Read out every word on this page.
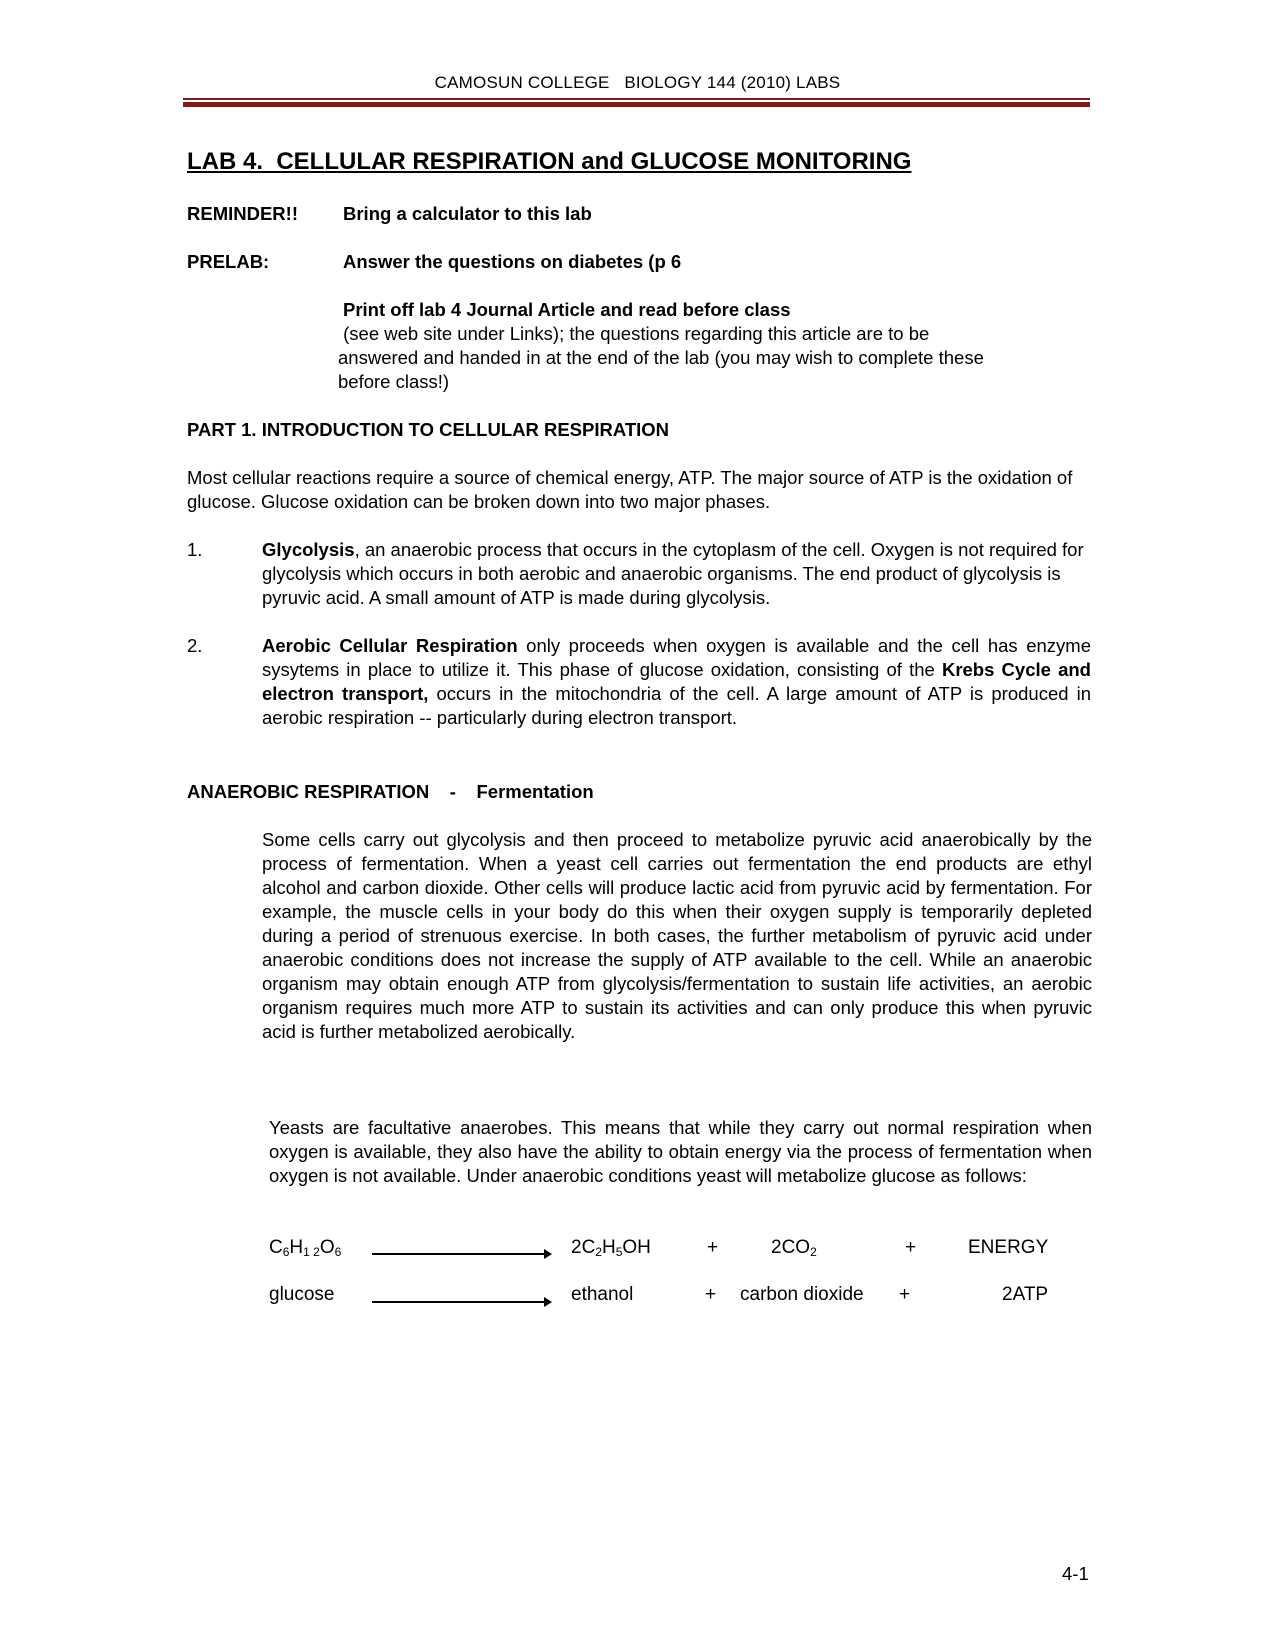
CAMOSUN COLLEGE   BIOLOGY 144 (2010) LABS
LAB 4.  CELLULAR RESPIRATION and GLUCOSE MONITORING
REMINDER!! Bring a calculator to this lab
PRELAB:	Answer the questions on diabetes (p 6
Print off lab 4 Journal Article and read before class
(see web site under Links); the questions regarding this article are to be
answered and handed in at the end of the lab (you may wish to complete these
before class!)
PART 1. INTRODUCTION TO CELLULAR RESPIRATION
Most cellular reactions require a source of chemical energy, ATP. The major source of ATP is the oxidation of glucose. Glucose oxidation can be broken down into two major phases.
1.	Glycolysis, an anaerobic process that occurs in the cytoplasm of the cell. Oxygen is not required for glycolysis which occurs in both aerobic and anaerobic organisms. The end product of glycolysis is pyruvic acid. A small amount of ATP is made during glycolysis.
2.	Aerobic Cellular Respiration only proceeds when oxygen is available and the cell has enzyme sysytems in place to utilize it. This phase of glucose oxidation, consisting of the Krebs Cycle and electron transport, occurs in the mitochondria of the cell. A large amount of ATP is produced in aerobic respiration -- particularly during electron transport.
ANAEROBIC RESPIRATION    -    Fermentation
Some cells carry out glycolysis and then proceed to metabolize pyruvic acid anaerobically by the process of fermentation. When a yeast cell carries out fermentation the end products are ethyl alcohol and carbon dioxide. Other cells will produce lactic acid from pyruvic acid by fermentation. For example, the muscle cells in your body do this when their oxygen supply is temporarily depleted during a period of strenuous exercise. In both cases, the further metabolism of pyruvic acid under anaerobic conditions does not increase the supply of ATP available to the cell. While an anaerobic organism may obtain enough ATP from glycolysis/fermentation to sustain life activities, an aerobic organism requires much more ATP to sustain its activities and can only produce this when pyruvic acid is further metabolized aerobically.
Yeasts are facultative anaerobes. This means that while they carry out normal respiration when oxygen is available, they also have the ability to obtain energy via the process of fermentation when oxygen is not available. Under anaerobic conditions yeast will metabolize glucose as follows:
$C_6H_{1 2}O_6$	$2C_2H_5OH$	+	$2CO_2$	+	ENERGY
glucose	ethanol	+ carbon dioxide +	2ATP
4-1
